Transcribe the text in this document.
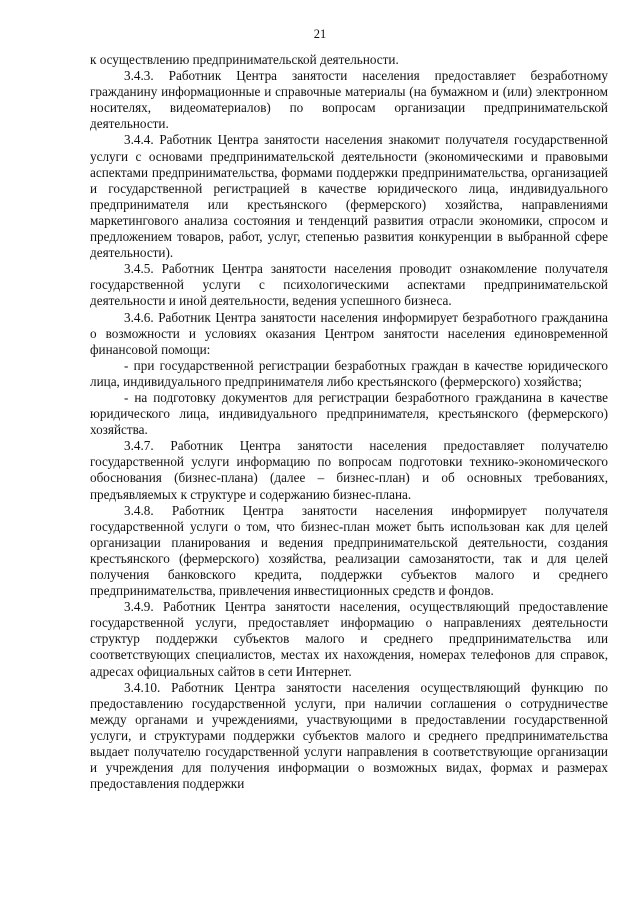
21

к осуществлению предпринимательской деятельности.

3.4.3. Работник Центра занятости населения предоставляет безработному гражданину информационные и справочные материалы (на бумажном и (или) электронном носителях, видеоматериалов) по вопросам организации предпринимательской деятельности.

3.4.4. Работник Центра занятости населения знакомит получателя государственной услуги с основами предпринимательской деятельности (экономическими и правовыми аспектами предпринимательства, формами поддержки предпринимательства, организацией и государственной регистрацией в качестве юридического лица, индивидуального предпринимателя или крестьянского (фермерского) хозяйства, направлениями маркетингового анализа состояния и тенденций развития отрасли экономики, спросом и предложением товаров, работ, услуг, степенью развития конкуренции в выбранной сфере деятельности).

3.4.5. Работник Центра занятости населения проводит ознакомление получателя государственной услуги с психологическими аспектами предпринимательской деятельности и иной деятельности, ведения успешного бизнеса.

3.4.6. Работник Центра занятости населения информирует безработного гражданина о возможности и условиях оказания Центром занятости населения единовременной финансовой помощи:

- при государственной регистрации безработных граждан в качестве юридического лица, индивидуального предпринимателя либо крестьянского (фермерского) хозяйства;

- на подготовку документов для регистрации безработного гражданина в качестве юридического лица, индивидуального предпринимателя, крестьянского (фермерского) хозяйства.

3.4.7. Работник Центра занятости населения предоставляет получателю государственной услуги информацию по вопросам подготовки технико-экономического обоснования (бизнес-плана) (далее – бизнес-план) и об основных требованиях, предъявляемых к структуре и содержанию бизнес-плана.

3.4.8. Работник Центра занятости населения информирует получателя государственной услуги о том, что бизнес-план может быть использован как для целей организации планирования и ведения предпринимательской деятельности, создания крестьянского (фермерского) хозяйства, реализации самозанятости, так и для целей получения банковского кредита, поддержки субъектов малого и среднего предпринимательства, привлечения инвестиционных средств и фондов.

3.4.9. Работник Центра занятости населения, осуществляющий предоставление государственной услуги, предоставляет информацию о направлениях деятельности структур поддержки субъектов малого и среднего предпринимательства или соответствующих специалистов, местах их нахождения, номерах телефонов для справок, адресах официальных сайтов в сети Интернет.

3.4.10. Работник Центра занятости населения осуществляющий функцию по предоставлению государственной услуги, при наличии соглашения о сотрудничестве между органами и учреждениями, участвующими в предоставлении государственной услуги, и структурами поддержки субъектов малого и среднего предпринимательства выдает получателю государственной услуги направления в соответствующие организации и учреждения для получения информации о возможных видах, формах и размерах предоставления поддержки
